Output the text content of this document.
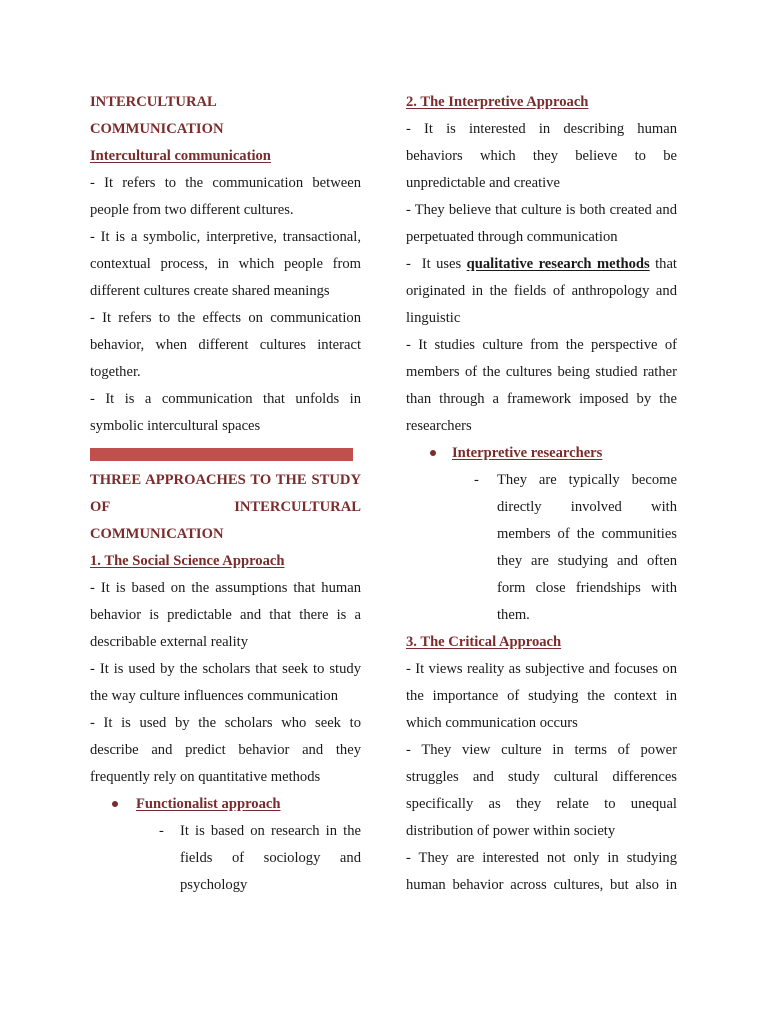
INTERCULTURAL COMMUNICATION

Intercultural communication

- It refers to the communication between people from two different cultures.

- It is a symbolic, interpretive, transactional, contextual process, in which people from different cultures create shared meanings

- It refers to the effects on communication behavior, when different cultures interact together.

- It is a communication that unfolds in symbolic intercultural spaces

THREE APPROACHES TO THE STUDY OF INTERCULTURAL COMMUNICATION

1. The Social Science Approach

- It is based on the assumptions that human behavior is predictable and that there is a describable external reality

- It is used by the scholars that seek to study the way culture influences communication

- It is used by the scholars who seek to describe and predict behavior and they frequently rely on quantitative methods

Functionalist approach
- It is based on research in the fields of sociology and psychology

2. The Interpretive Approach

- It is interested in describing human behaviors which they believe to be unpredictable and creative

- They believe that culture is both created and perpetuated through communication

-  It uses qualitative research methods that originated in the fields of anthropology and linguistic

- It studies culture from the perspective of members of the cultures being studied rather than through a framework imposed by the researchers

Interpretive researchers
- They are typically become directly involved with members of the communities they are studying and often form close friendships with them.

3. The Critical Approach

- It views reality as subjective and focuses on the importance of studying the context in which communication occurs

- They view culture in terms of power struggles and study cultural differences specifically as they relate to unequal distribution of power within society

- They are interested not only in studying human behavior across cultures, but also in
